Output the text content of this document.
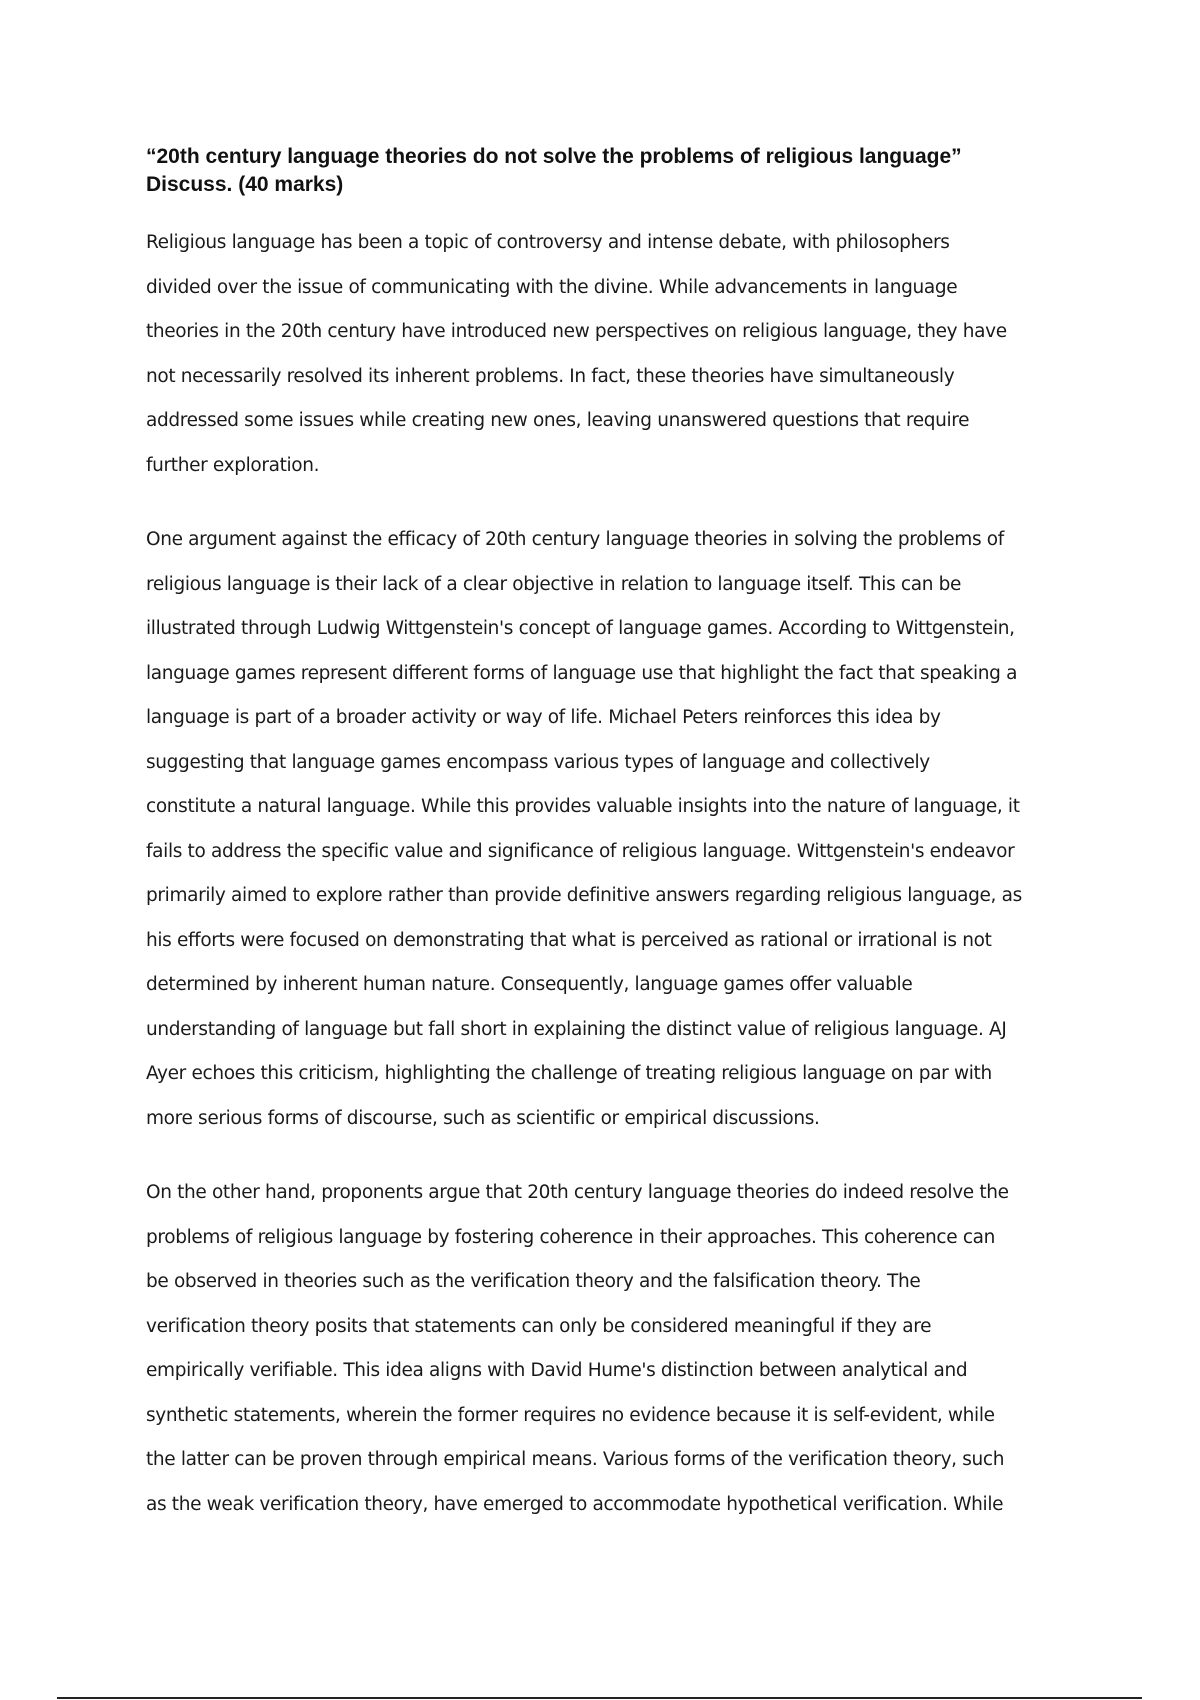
“20th century language theories do not solve the problems of religious language”
Discuss. (40 marks)
Religious language has been a topic of controversy and intense debate, with philosophers
divided over the issue of communicating with the divine. While advancements in language
theories in the 20th century have introduced new perspectives on religious language, they have
not necessarily resolved its inherent problems. In fact, these theories have simultaneously
addressed some issues while creating new ones, leaving unanswered questions that require
further exploration.
One argument against the efficacy of 20th century language theories in solving the problems of
religious language is their lack of a clear objective in relation to language itself. This can be
illustrated through Ludwig Wittgenstein's concept of language games. According to Wittgenstein,
language games represent different forms of language use that highlight the fact that speaking a
language is part of a broader activity or way of life. Michael Peters reinforces this idea by
suggesting that language games encompass various types of language and collectively
constitute a natural language. While this provides valuable insights into the nature of language, it
fails to address the specific value and significance of religious language. Wittgenstein's endeavor
primarily aimed to explore rather than provide definitive answers regarding religious language, as
his efforts were focused on demonstrating that what is perceived as rational or irrational is not
determined by inherent human nature. Consequently, language games offer valuable
understanding of language but fall short in explaining the distinct value of religious language. AJ
Ayer echoes this criticism, highlighting the challenge of treating religious language on par with
more serious forms of discourse, such as scientific or empirical discussions.
On the other hand, proponents argue that 20th century language theories do indeed resolve the
problems of religious language by fostering coherence in their approaches. This coherence can
be observed in theories such as the verification theory and the falsification theory. The
verification theory posits that statements can only be considered meaningful if they are
empirically verifiable. This idea aligns with David Hume's distinction between analytical and
synthetic statements, wherein the former requires no evidence because it is self-evident, while
the latter can be proven through empirical means. Various forms of the verification theory, such
as the weak verification theory, have emerged to accommodate hypothetical verification. While
